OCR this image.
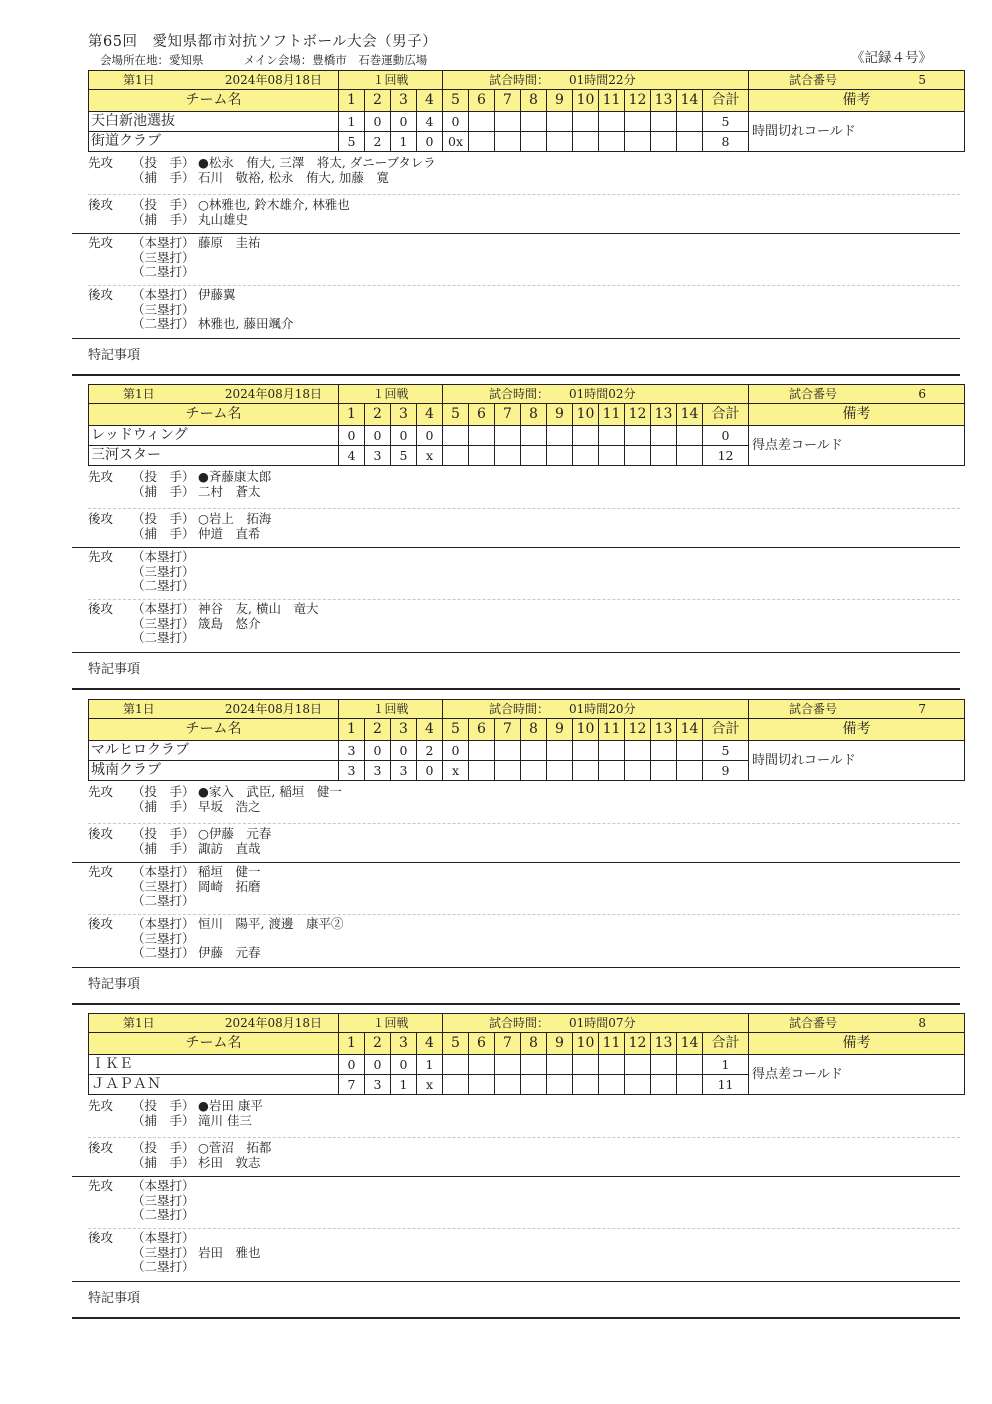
第65回　愛知県都市対抗ソフトボール大会（男子）
会場所在地：愛知県	メイン会場：豊橋市　石巻運動広場	《記録４号》
第1日 2024年08月18日	１回戦				試合時間： 01時間22分											試合番号 5

チーム名	1	2	3	4	5	6	7	8	9	10	11	12	13	14	合計	備考
天白新池選抜	1	0	0	4	0										5	時間切れコールド
街道クラブ	5	2	1	0	0x										8	
先攻 （投　手） ●松永　侑大, 三澤　将太, ダニーブタレラ
（捕　手） 石川　敬裕, 松永　侑大, 加藤　寛
後攻 （投　手） ○林雅也, 鈴木雄介, 林雅也
（捕　手） 丸山雄史
先攻 （本塁打） 藤原　圭祐
（三塁打）
（二塁打）
後攻 （本塁打） 伊藤翼
（三塁打）
（二塁打） 林雅也, 藤田颯介
特記事項
第1日 2024年08月18日	１回戦				試合時間： 01時間02分											試合番号 6

チーム名	1	2	3	4	5	6	7	8	9	10	11	12	13	14	合計	備考
レッドウィング	0	0	0	0											0	得点差コールド
三河スター	4	3	5	x											12	
先攻 （投　手） ●斉藤康太郎
（捕　手） 二村　蒼太
後攻 （投　手） ○岩上　拓海
（捕　手） 仲道　直希
先攻 （本塁打）
（三塁打）
（二塁打）
後攻 （本塁打） 神谷　友, 横山　竜大
（三塁打） 筬島　悠介
（二塁打）
特記事項
第1日 2024年08月18日	１回戦				試合時間： 01時間20分											試合番号 7

チーム名	1	2	3	4	5	6	7	8	9	10	11	12	13	14	合計	備考
マルヒロクラブ	3	0	0	2	0										5	時間切れコールド
城南クラブ	3	3	3	0	x										9	
先攻 （投　手） ●家入　武臣, 稲垣　健一
（捕　手） 早坂　浩之
後攻 （投　手） ○伊藤　元春
（捕　手） 諏訪　直哉
先攻 （本塁打） 稲垣　健一
（三塁打） 岡崎　拓磨
（二塁打）
後攻 （本塁打） 恒川　陽平, 渡邊　康平②
（三塁打）
（二塁打） 伊藤　元春
特記事項
第1日 2024年08月18日	１回戦				試合時間： 01時間07分											試合番号 8

チーム名	1	2	3	4	5	6	7	8	9	10	11	12	13	14	合計	備考
ＩＫＥ	0	0	0	1											1	得点差コールド
ＪＡＰＡＮ	7	3	1	x											11	
先攻 （投　手） ●岩田 康平
（捕　手） 滝川 佳三
後攻 （投　手） ○菅沼　拓都
（捕　手） 杉田　敦志
先攻 （本塁打）
（三塁打）
（二塁打）
後攻 （本塁打）
（三塁打） 岩田　雅也
（二塁打）
特記事項
